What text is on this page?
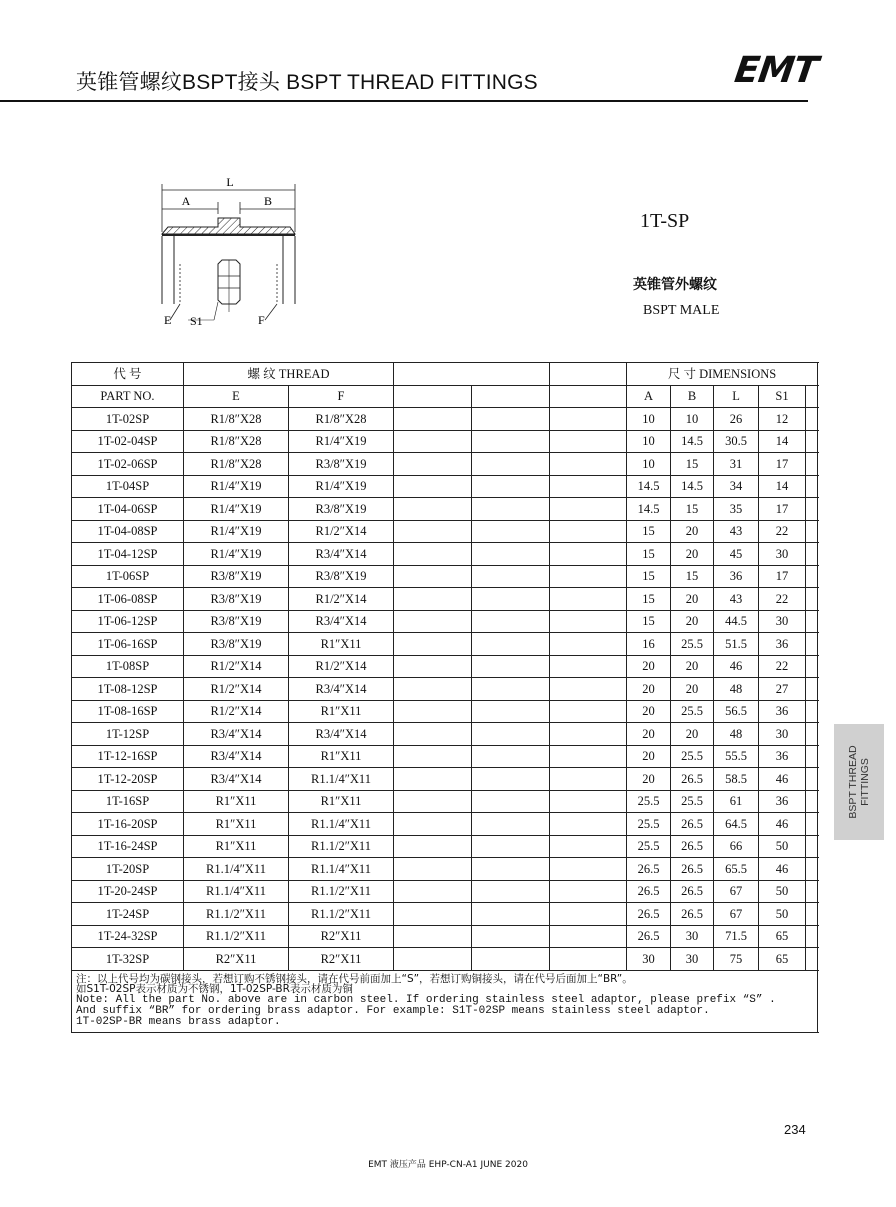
英锥管螺纹BSPT接头 BSPT THREAD FITTINGS	EMT
L
A	B
E S1	F
1T-SP
英锥管外螺纹
BSPT MALE
代 号	螺 纹 THREAD					尺 寸 DIMENSIONS				
PART NO.	E	F				A	B	L	S1	
1T-02SP	R1/8″X28	R1/8″X28				10	10	26	12	
1T-02-04SP	R1/8″X28	R1/4″X19				10	14.5	30.5	14	
1T-02-06SP	R1/8″X28	R3/8″X19				10	15	31	17	
1T-04SP	R1/4″X19	R1/4″X19				14.5	14.5	34	14	
1T-04-06SP	R1/4″X19	R3/8″X19				14.5	15	35	17	
1T-04-08SP	R1/4″X19	R1/2″X14				15	20	43	22	
1T-04-12SP	R1/4″X19	R3/4″X14				15	20	45	30	
1T-06SP	R3/8″X19	R3/8″X19				15	15	36	17	
1T-06-08SP	R3/8″X19	R1/2″X14				15	20	43	22	
1T-06-12SP	R3/8″X19	R3/4″X14				15	20	44.5	30	
1T-06-16SP	R3/8″X19	R1″X11				16	25.5	51.5	36	
1T-08SP	R1/2″X14	R1/2″X14				20	20	46	22	
1T-08-12SP	R1/2″X14	R3/4″X14				20	20	48	27	
1T-08-16SP	R1/2″X14	R1″X11				20	25.5	56.5	36	
1T-12SP	R3/4″X14	R3/4″X14				20	20	48	30	
1T-12-16SP	R3/4″X14	R1″X11				20	25.5	55.5	36	
1T-12-20SP	R3/4″X14	R1.1/4″X11				20	26.5	58.5	46	
1T-16SP	R1″X11	R1″X11				25.5	25.5	61	36	
1T-16-20SP	R1″X11	R1.1/4″X11				25.5	26.5	64.5	46	
1T-16-24SP	R1″X11	R1.1/2″X11				25.5	26.5	66	50	
1T-20SP	R1.1/4″X11	R1.1/4″X11				26.5	26.5	65.5	46	
1T-20-24SP	R1.1/4″X11	R1.1/2″X11				26.5	26.5	67	50	
1T-24SP	R1.1/2″X11	R1.1/2″X11				26.5	26.5	67	50	
1T-24-32SP	R1.1/2″X11	R2″X11				26.5	30	71.5	65	
1T-32SP	R2″X11	R2″X11				30	30	75	65	

注：以上代号均为碳钢接头，若想订购不锈钢接头，请在代号前面加上“S”，若想订购铜接头，请在代号后面加上“BR”。
如S1T-02SP表示材质为不锈钢，1T-02SP-BR表示材质为铜
Note: All the part No. above are in carbon steel. If ordering stainless steel adaptor, please prefix “S” .
And suffix “BR” for ordering brass adaptor. For example: S1T-02SP means stainless steel adaptor.
1T-02SP-BR means brass adaptor.										
BSPT THREAD FITTINGS
234
EMT 液压产品 EHP-CN-A1 JUNE 2020
